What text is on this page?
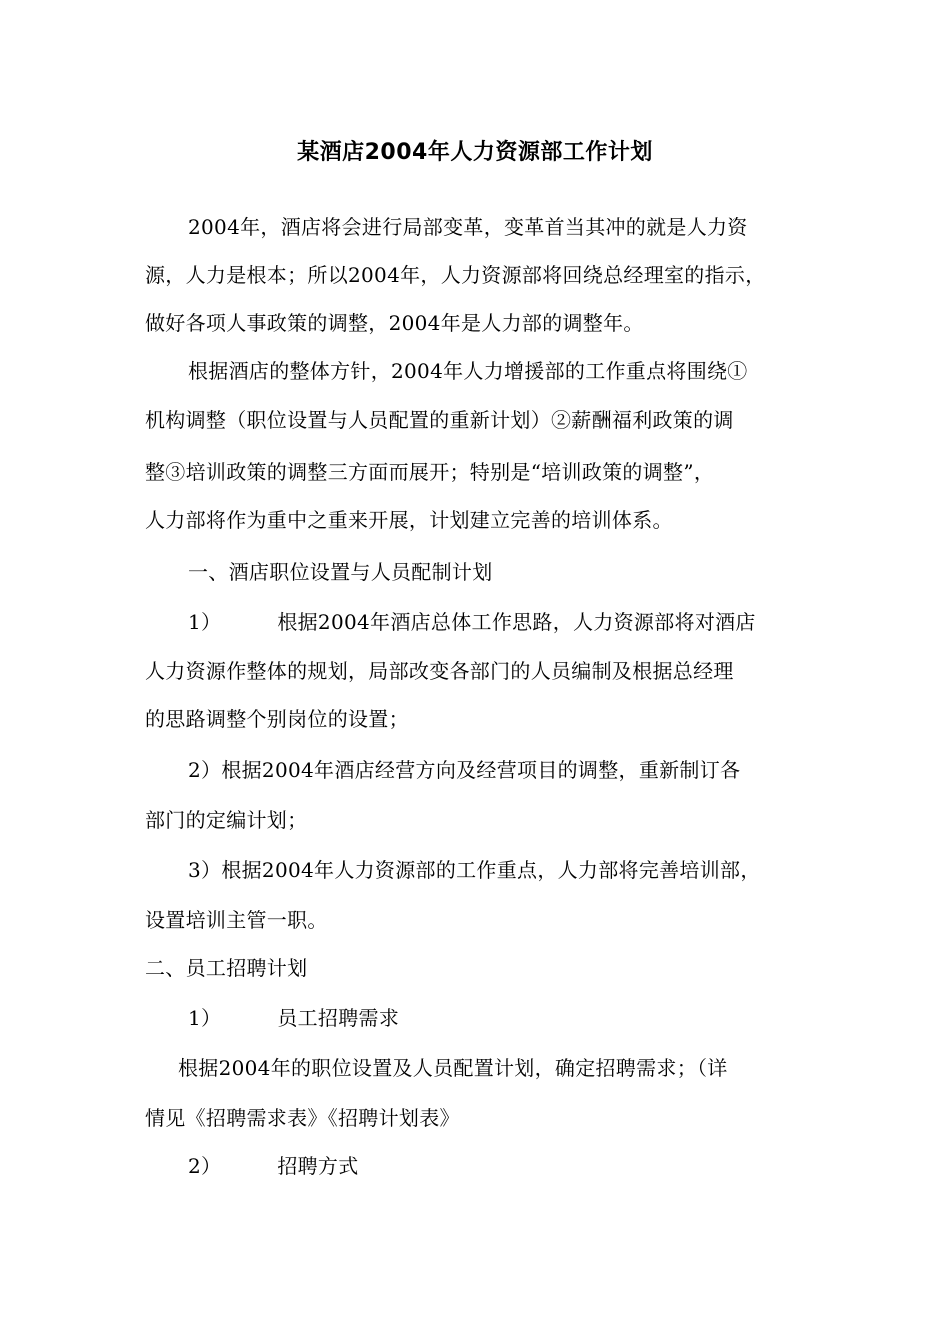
某酒店2004年人力资源部工作计划
2004年，酒店将会进行局部变革，变革首当其冲的就是人力资
源，人力是根本；所以2004年，人力资源部将回绕总经理室的指示，
做好各项人事政策的调整，2004年是人力部的调整年。
根据酒店的整体方针，2004年人力增援部的工作重点将围绕①
机构调整（职位设置与人员配置的重新计划）②薪酬福利政策的调
整③培训政策的调整三方面而展开；特别是“培训政策的调整”，
人力部将作为重中之重来开展，计划建立完善的培训体系。
一、酒店职位设置与人员配制计划
1）	根据2004年酒店总体工作思路，人力资源部将对酒店
人力资源作整体的规划，局部改变各部门的人员编制及根据总经理
的思路调整个别岗位的设置；
2）根据2004年酒店经营方向及经营项目的调整，重新制订各
部门的定编计划；
3）根据2004年人力资源部的工作重点，人力部将完善培训部，
设置培训主管一职。
二、员工招聘计划
1）	员工招聘需求
根据2004年的职位设置及人员配置计划，确定招聘需求；（详
情见《招聘需求表》《招聘计划表》
2）	招聘方式
